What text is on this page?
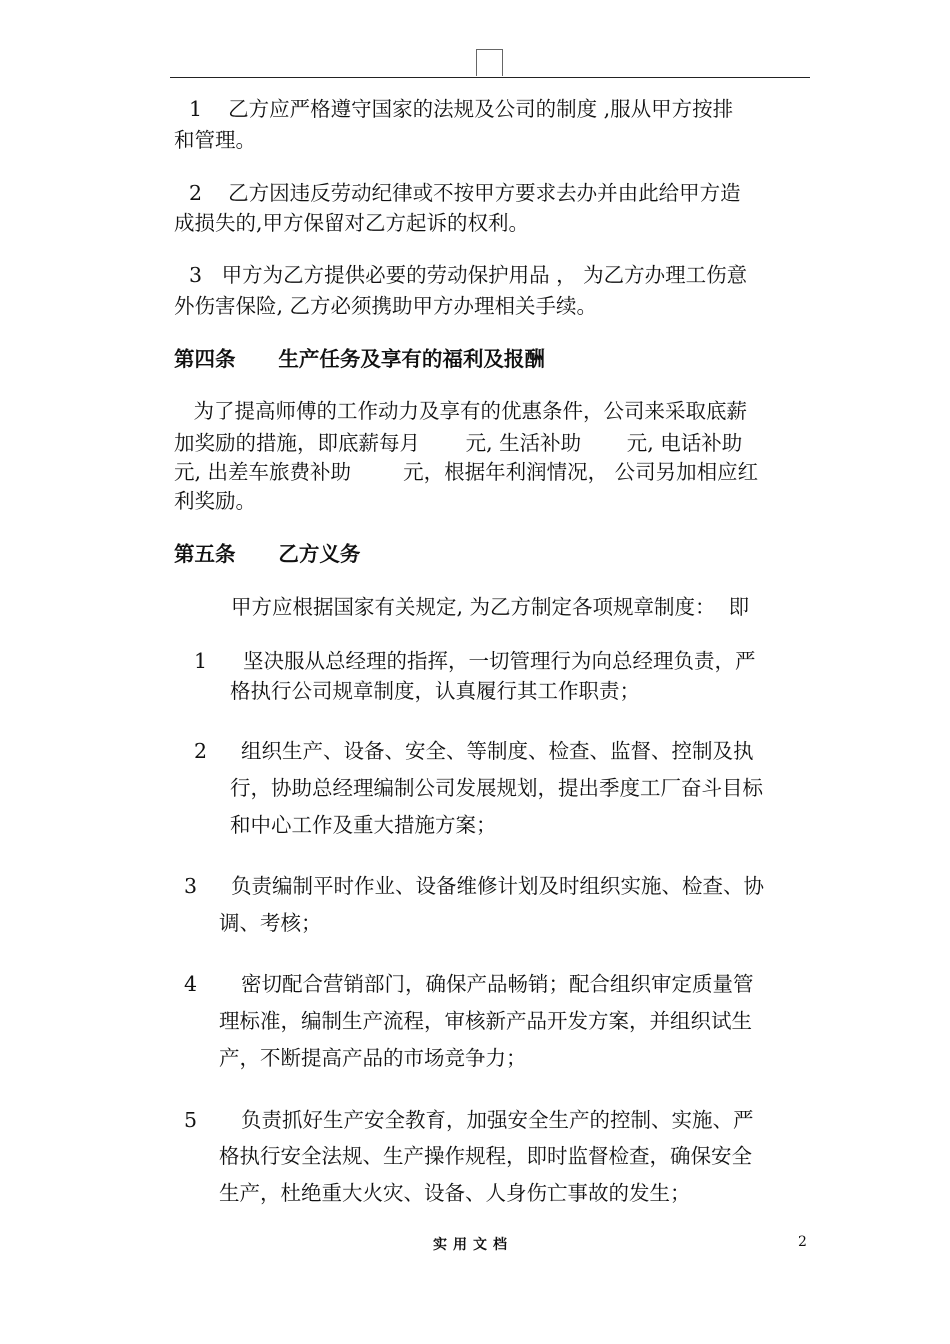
1    乙方应严格遵守国家的法规及公司的制度 ,服从甲方按排
和管理。
2    乙方因违反劳动纪律或不按甲方要求去办并由此给甲方造
成损失的,甲方保留对乙方起诉的权利。
3   甲方为乙方提供必要的劳动保护用品 ， 为乙方办理工伤意
外伤害保险, 乙方必须携助甲方办理相关手续。
第四条      生产任务及享有的福利及报酬
为了提高师傅的工作动力及享有的优惠条件，公司来采取底薪
加奖励的措施，即底薪每月       元, 生活补助       元, 电话补助
元, 出差车旅费补助        元，根据年利润情况， 公司另加相应红
利奖励。
第五条      乙方义务
甲方应根据国家有关规定, 为乙方制定各项规章制度：  即
1 坚决服从总经理的指挥，一切管理行为向总经理负责，严
格执行公司规章制度，认真履行其工作职责；
2 组织生产、设备、安全、等制度、检查、监督、控制及执
行，协助总经理编制公司发展规划，提出季度工厂奋斗目标
和中心工作及重大措施方案；
3 负责编制平时作业、设备维修计划及时组织实施、检查、协
调、考核；
4 密切配合营销部门，确保产品畅销；配合组织审定质量管
理标准，编制生产流程，审核新产品开发方案，并组织试生
产，不断提高产品的市场竞争力；
5 负责抓好生产安全教育，加强安全生产的控制、实施、严
格执行安全法规、生产操作规程，即时监督检查，确保安全
生产，杜绝重大火灾、设备、人身伤亡事故的发生；
实用文档	2
